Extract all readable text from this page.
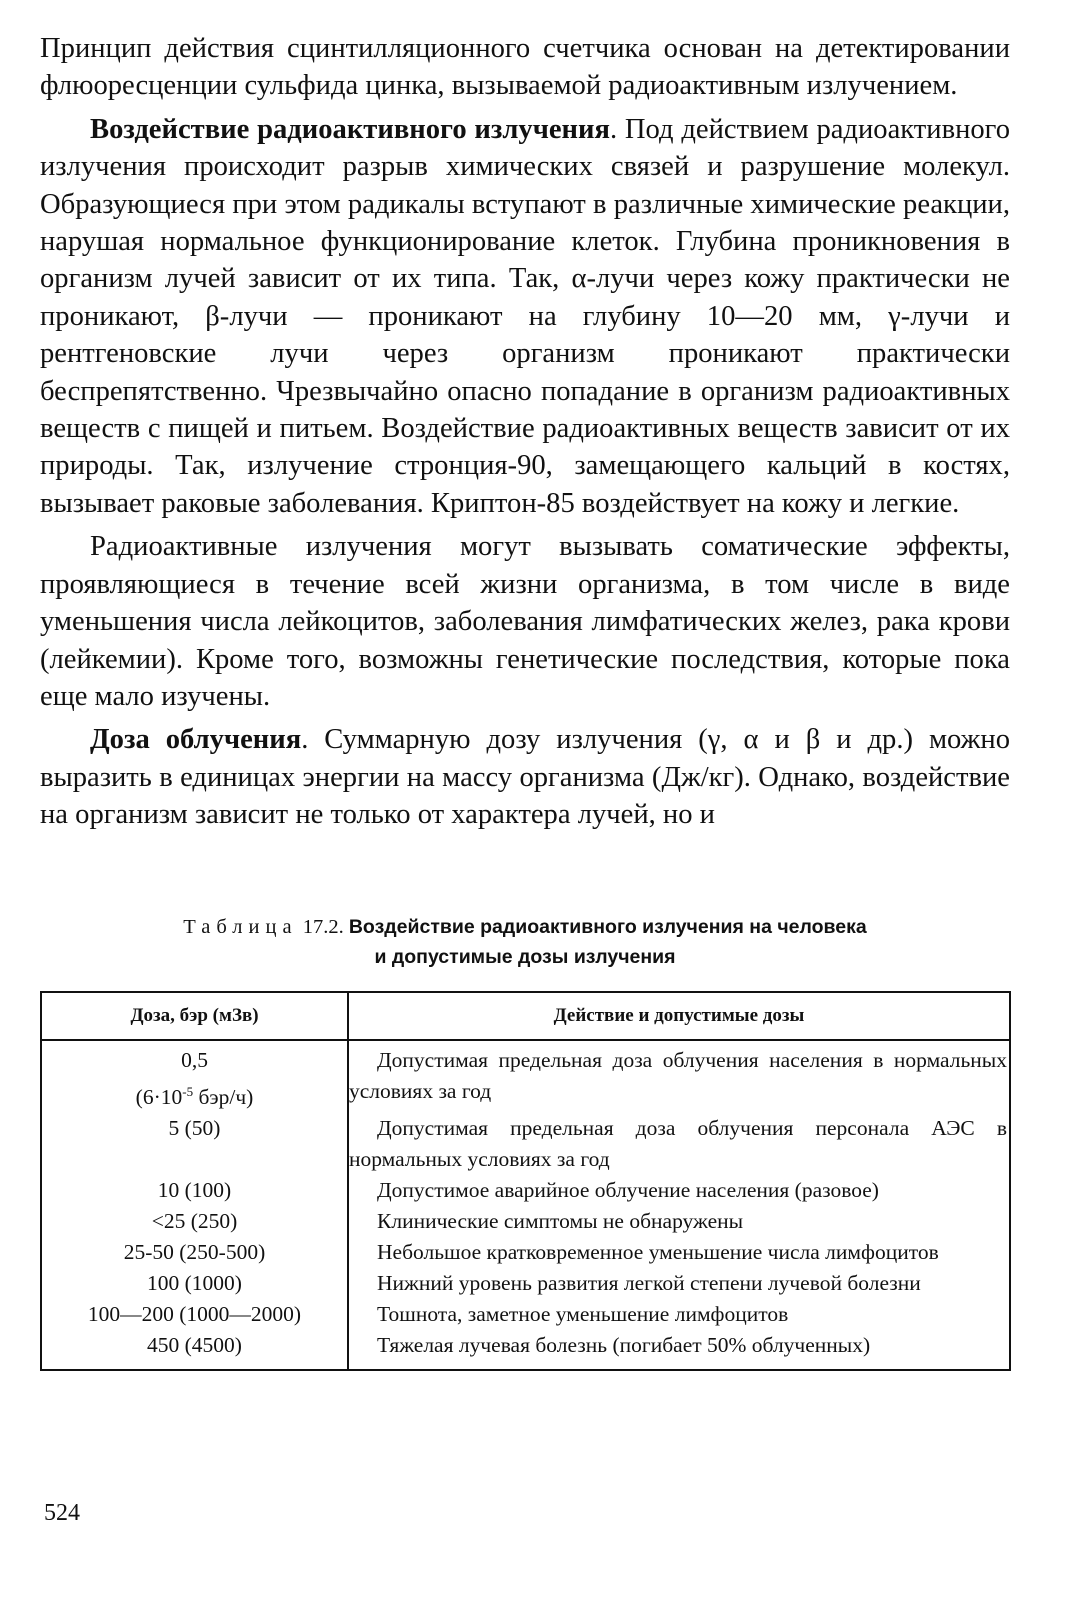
Принцип действия сцинтилляционного счетчика основан на детектировании флюоресценции сульфида цинка, вызываемой радиоактивным излучением.

Воздействие радиоактивного излучения. Под действием радиоактивного излучения происходит разрыв химических связей и разрушение молекул. Образующиеся при этом радикалы вступают в различные химические реакции, нарушая нормальное функционирование клеток. Глубина проникновения в организм лучей зависит от их типа. Так, α-лучи через кожу практически не проникают, β-лучи — проникают на глубину 10—20 мм, γ-лучи и рентгеновские лучи через организм проникают практически беспрепятственно. Чрезвычайно опасно попадание в организм радиоактивных веществ с пищей и питьем. Воздействие радиоактивных веществ зависит от их природы. Так, излучение стронция-90, замещающего кальций в костях, вызывает раковые заболевания. Криптон-85 воздействует на кожу и легкие.

Радиоактивные излучения могут вызывать соматические эффекты, проявляющиеся в течение всей жизни организма, в том числе в виде уменьшения числа лейкоцитов, заболевания лимфатических желез, рака крови (лейкемии). Кроме того, возможны генетические последствия, которые пока еще мало изучены.

Доза облучения. Суммарную дозу излучения (γ, α и β и др.) можно выразить в единицах энергии на массу организма (Дж/кг). Однако, воздействие на организм зависит не только от характера лучей, но и

Таблица 17.2. Воздействие радиоактивного излучения на человека
и допустимые дозы излучения
Доза, бэр (мЗв)	Действие и допустимые дозы

0,5
($6\cdot 10^{-5}$ бэр/ч)	Допустимая предельная доза облучения населения в нормальных условиях за год

5 (50)	Допустимая предельная доза облучения персонала АЭС в нормальных условиях за год

10 (100)	Допустимое аварийное облучение населения (разовое)

<25 (250)	Клинические симптомы не обнаружены

25-50 (250-500)	Небольшое кратковременное уменьшение числа лимфоцитов

100 (1000)	Нижний уровень развития легкой степени лучевой болезни

100—200 (1000—2000)	Тошнота, заметное уменьшение лимфоцитов

450 (4500)	Тяжелая лучевая болезнь (погибает 50% облученных)
524
